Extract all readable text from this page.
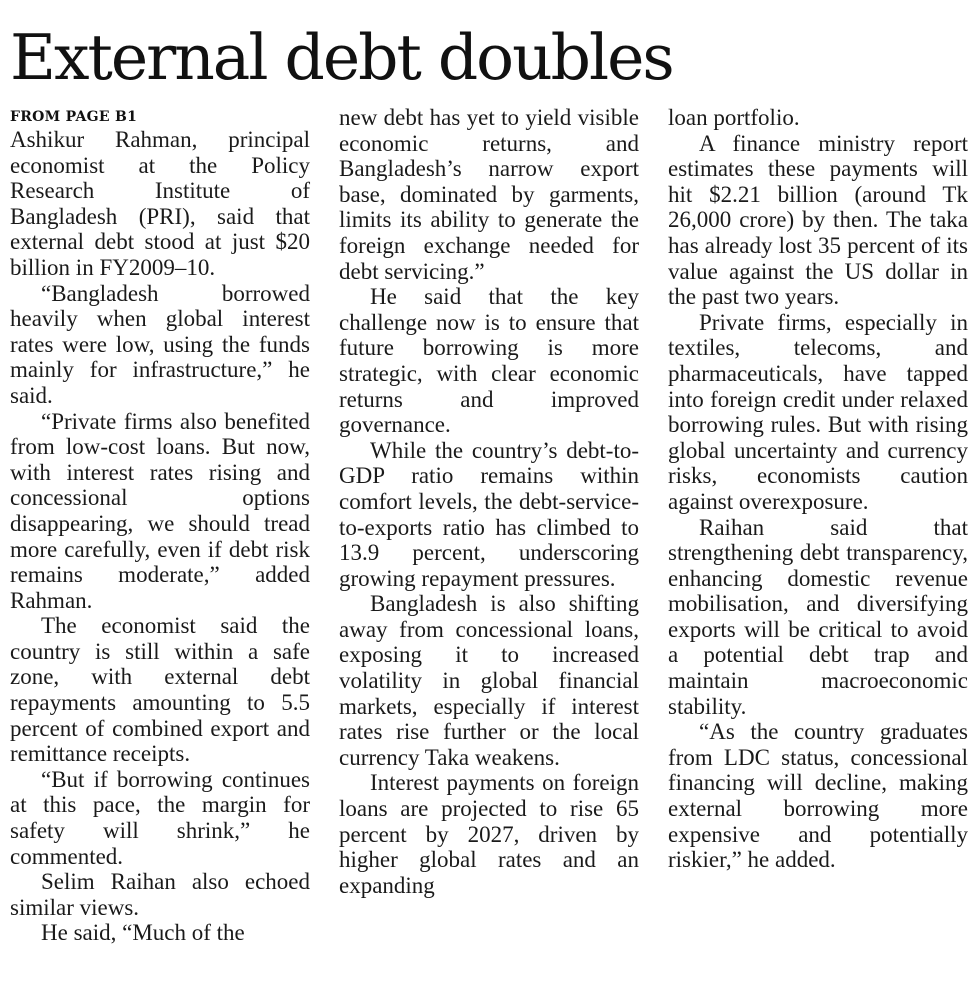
External debt doubles
FROM PAGE B1

Ashikur Rahman, principal economist at the Policy Research Institute of Bangladesh (PRI), said that external debt stood at just $20 billion in FY2009–10.

“Bangladesh borrowed heavily when global interest rates were low, using the funds mainly for infrastructure,” he said.

“Private firms also benefited from low-cost loans. But now, with interest rates rising and concessional options disappearing, we should tread more carefully, even if debt risk remains moderate,” added Rahman.

The economist said the country is still within a safe zone, with external debt repayments amounting to 5.5 percent of combined export and remittance receipts.

“But if borrowing continues at this pace, the margin for safety will shrink,” he commented.

Selim Raihan also echoed similar views.

He said, “Much of the

new debt has yet to yield visible economic returns, and Bangladesh’s narrow export base, dominated by garments, limits its ability to generate the foreign exchange needed for debt servicing.”

He said that the key challenge now is to ensure that future borrowing is more strategic, with clear economic returns and improved governance.

While the country’s debt-to-GDP ratio remains within comfort levels, the debt-service-to-exports ratio has climbed to 13.9 percent, underscoring growing repayment pressures.

Bangladesh is also shifting away from concessional loans, exposing it to increased volatility in global financial markets, especially if interest rates rise further or the local currency Taka weakens.

Interest payments on foreign loans are projected to rise 65 percent by 2027, driven by higher global rates and an expanding

loan portfolio.

A finance ministry report estimates these payments will hit $2.21 billion (around Tk 26,000 crore) by then. The taka has already lost 35 percent of its value against the US dollar in the past two years.

Private firms, especially in textiles, telecoms, and pharmaceuticals, have tapped into foreign credit under relaxed borrowing rules. But with rising global uncertainty and currency risks, economists caution against overexposure.

Raihan said that strengthening debt transparency, enhancing domestic revenue mobilisation, and diversifying exports will be critical to avoid a potential debt trap and maintain macroeconomic stability.

“As the country graduates from LDC status, concessional financing will decline, making external borrowing more expensive and potentially riskier,” he added.
